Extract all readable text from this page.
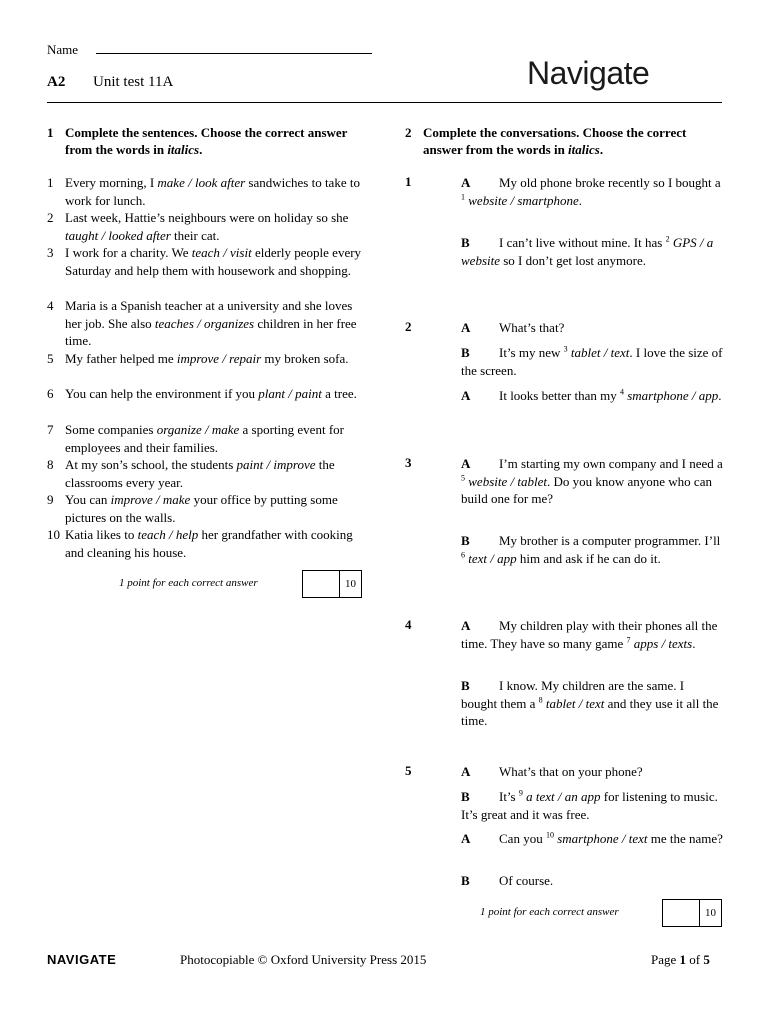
Name
A2 Unit test 11A	Navigate
1 Complete the sentences. Choose the correct answer from the words in italics.
1 Every morning, I make / look after sandwiches to take to work for lunch.
2 Last week, Hattie’s neighbours were on holiday so she taught / looked after their cat.
3 I work for a charity. We teach / visit elderly people every Saturday and help them with housework and shopping.
4 Maria is a Spanish teacher at a university and she loves her job. She also teaches / organizes children in her free time.
5 My father helped me improve / repair my broken sofa.
6 You can help the environment if you plant / paint a tree.
7 Some companies organize / make a sporting event for employees and their families.
8 At my son’s school, the students paint / improve the classrooms every year.
9 You can improve / make your office by putting some pictures on the walls.
10 Katia likes to teach / help her grandfather with cooking and cleaning his house.
1 point for each correct answer	10
2 Complete the conversations. Choose the correct answer from the words in italics.
1	A	My old phone broke recently so I bought a $^1$ website / smartphone.
B	I can’t live without mine. It has $^2$ GPS / a website so I don’t get lost anymore.
2	A	What’s that?
B	It’s my new $^3$ tablet / text. I love the size of the screen.
A	It looks better than my $^4$ smartphone / app.
3	A	I’m starting my own company and I need a $^5$ website / tablet. Do you know anyone who can build one for me?
B	My brother is a computer programmer. I’ll $^6$ text / app him and ask if he can do it.
4	A	My children play with their phones all the time. They have so many game $^7$ apps / texts.
B	I know. My children are the same. I bought them a $^8$ tablet / text and they use it all the time.
5	A	What’s that on your phone?
B	It’s $^9$ a text / an app for listening to music. It’s great and it was free.
A	Can you $^{10}$ smartphone / text me the name?
B	Of course.
1 point for each correct answer	10
NAVIGATE	Photocopiable © Oxford University Press 2015	Page 1 of 5
